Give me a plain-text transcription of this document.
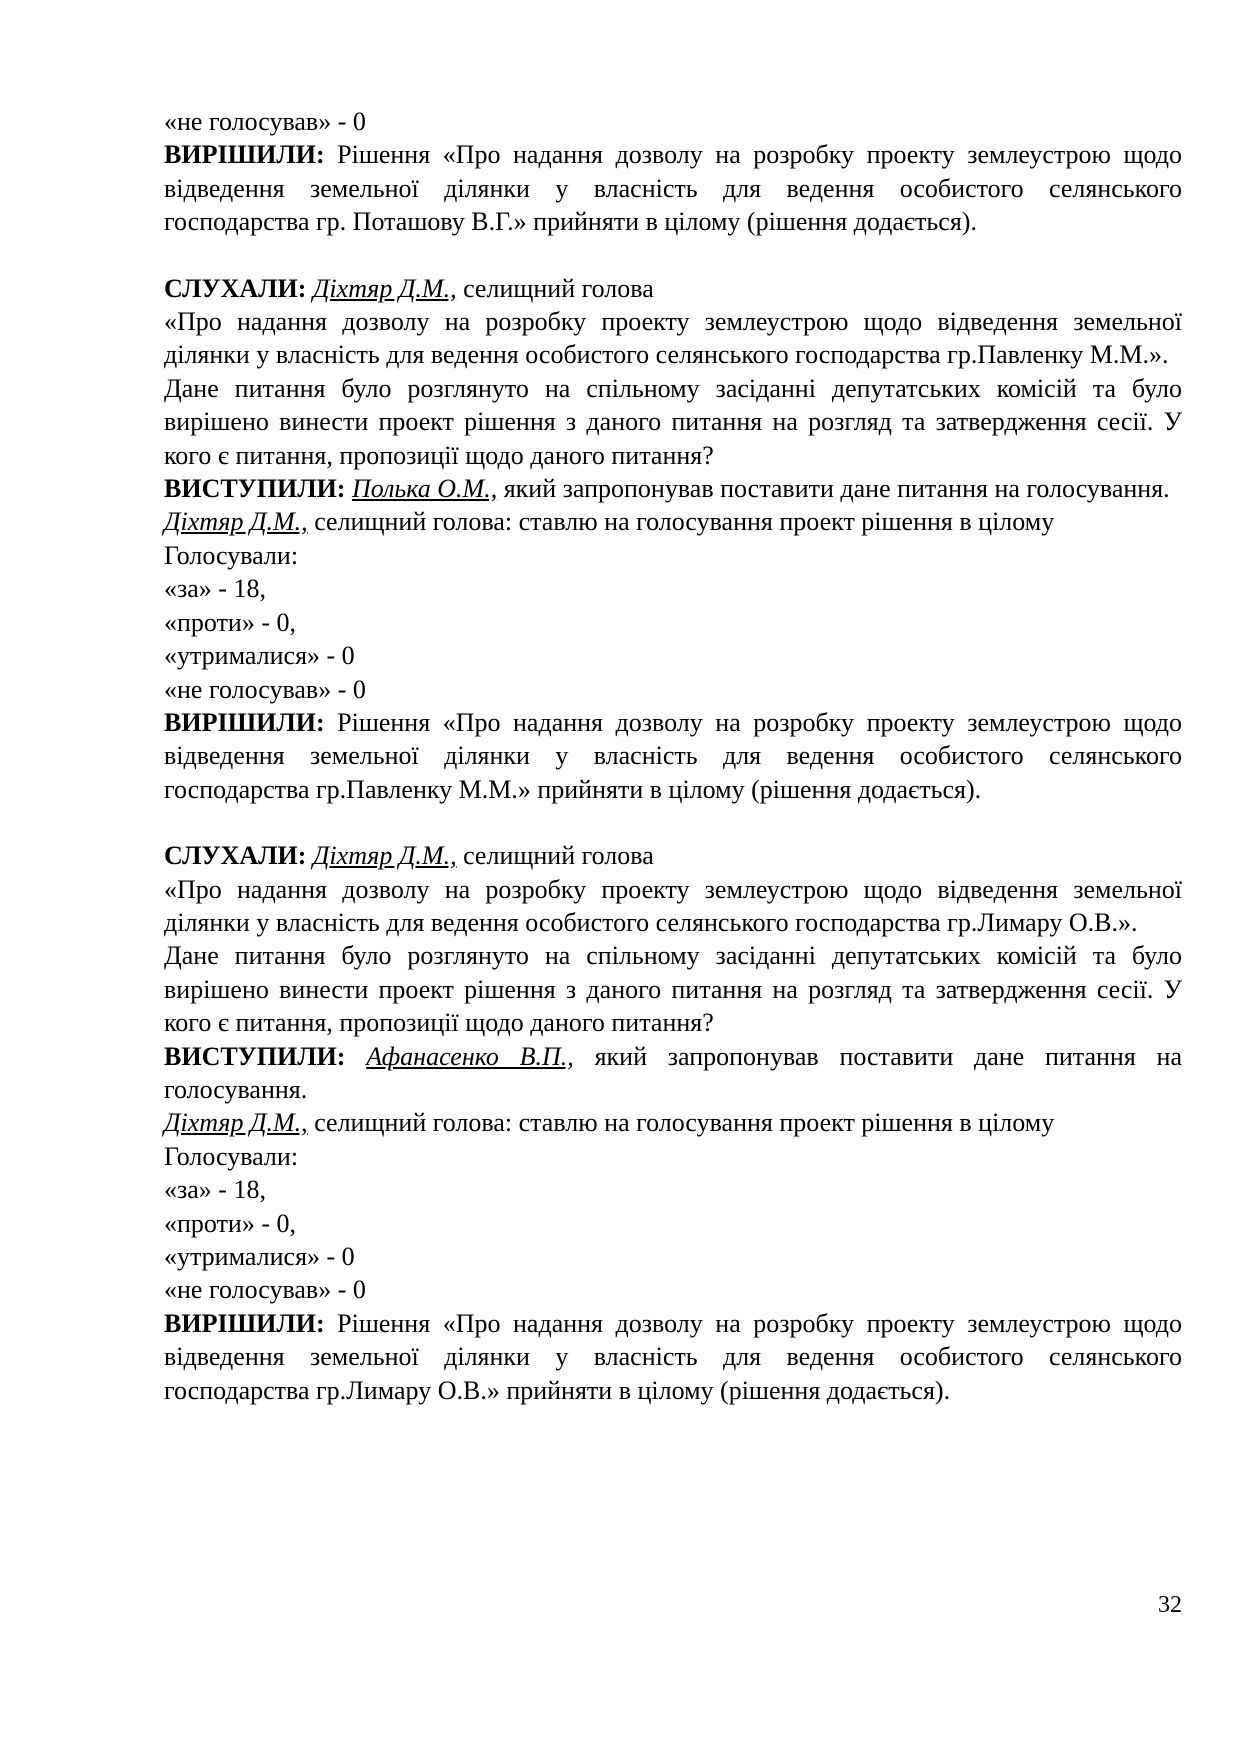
«не голосував» - 0

ВИРІШИЛИ: Рішення «Про надання дозволу на розробку проекту землеустрою щодо відведення земельної ділянки у власність для ведення особистого селянського господарства гр. Поташову В.Г.» прийняти в цілому (рішення додається).

СЛУХАЛИ: Діхтяр Д.М., селищний голова

«Про надання дозволу на розробку проекту землеустрою щодо відведення земельної ділянки у власність для ведення особистого селянського господарства гр.Павленку М.М.».

Дане питання було розглянуто на спільному засіданні депутатських комісій та було вирішено винести проект рішення з даного питання на розгляд та затвердження сесії. У кого є питання, пропозиції щодо даного питання?

ВИСТУПИЛИ: Полька О.М., який запропонував поставити дане питання на голосування.

Діхтяр Д.М., селищний голова: ставлю на голосування проект рішення в цілому

Голосували:

«за» - 18,

«проти» - 0,

«утрималися» - 0

«не голосував» - 0

ВИРІШИЛИ: Рішення «Про надання дозволу на розробку проекту землеустрою щодо відведення земельної ділянки у власність для ведення особистого селянського господарства гр.Павленку М.М.» прийняти в цілому (рішення додається).

СЛУХАЛИ: Діхтяр Д.М., селищний голова

«Про надання дозволу на розробку проекту землеустрою щодо відведення земельної ділянки у власність для ведення особистого селянського господарства гр.Лимару О.В.».

Дане питання було розглянуто на спільному засіданні депутатських комісій та було вирішено винести проект рішення з даного питання на розгляд та затвердження сесії. У кого є питання, пропозиції щодо даного питання?

ВИСТУПИЛИ: Афанасенко В.П., який запропонував поставити дане питання на голосування.

Діхтяр Д.М., селищний голова: ставлю на голосування проект рішення в цілому

Голосували:

«за» - 18,

«проти» - 0,

«утрималися» - 0

«не голосував» - 0

ВИРІШИЛИ: Рішення «Про надання дозволу на розробку проекту землеустрою щодо відведення земельної ділянки у власність для ведення особистого селянського господарства гр.Лимару О.В.» прийняти в цілому (рішення додається).

32
